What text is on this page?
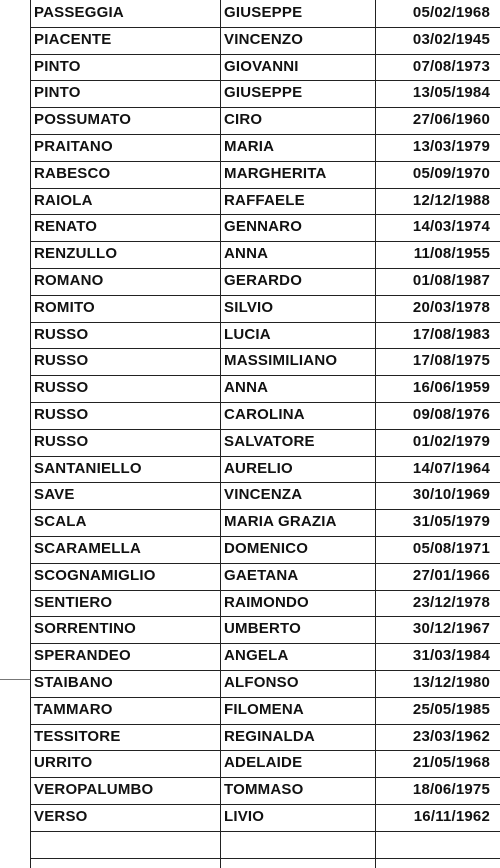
PASSEGGIA	GIUSEPPE	05/02/1968
PIACENTE	VINCENZO	03/02/1945
PINTO	GIOVANNI	07/08/1973
PINTO	GIUSEPPE	13/05/1984
POSSUMATO	CIRO	27/06/1960
PRAITANO	MARIA	13/03/1979
RABESCO	MARGHERITA	05/09/1970
RAIOLA	RAFFAELE	12/12/1988
RENATO	GENNARO	14/03/1974
RENZULLO	ANNA	11/08/1955
ROMANO	GERARDO	01/08/1987
ROMITO	SILVIO	20/03/1978
RUSSO	LUCIA	17/08/1983
RUSSO	MASSIMILIANO	17/08/1975
RUSSO	ANNA	16/06/1959
RUSSO	CAROLINA	09/08/1976
RUSSO	SALVATORE	01/02/1979
SANTANIELLO	AURELIO	14/07/1964
SAVE	VINCENZA	30/10/1969
SCALA	MARIA GRAZIA	31/05/1979
SCARAMELLA	DOMENICO	05/08/1971
SCOGNAMIGLIO	GAETANA	27/01/1966
SENTIERO	RAIMONDO	23/12/1978
SORRENTINO	UMBERTO	30/12/1967
SPERANDEO	ANGELA	31/03/1984
STAIBANO	ALFONSO	13/12/1980
TAMMARO	FILOMENA	25/05/1985
TESSITORE	REGINALDA	23/03/1962
URRITO	ADELAIDE	21/05/1968
VEROPALUMBO	TOMMASO	18/06/1975
VERSO	LIVIO	16/11/1962
